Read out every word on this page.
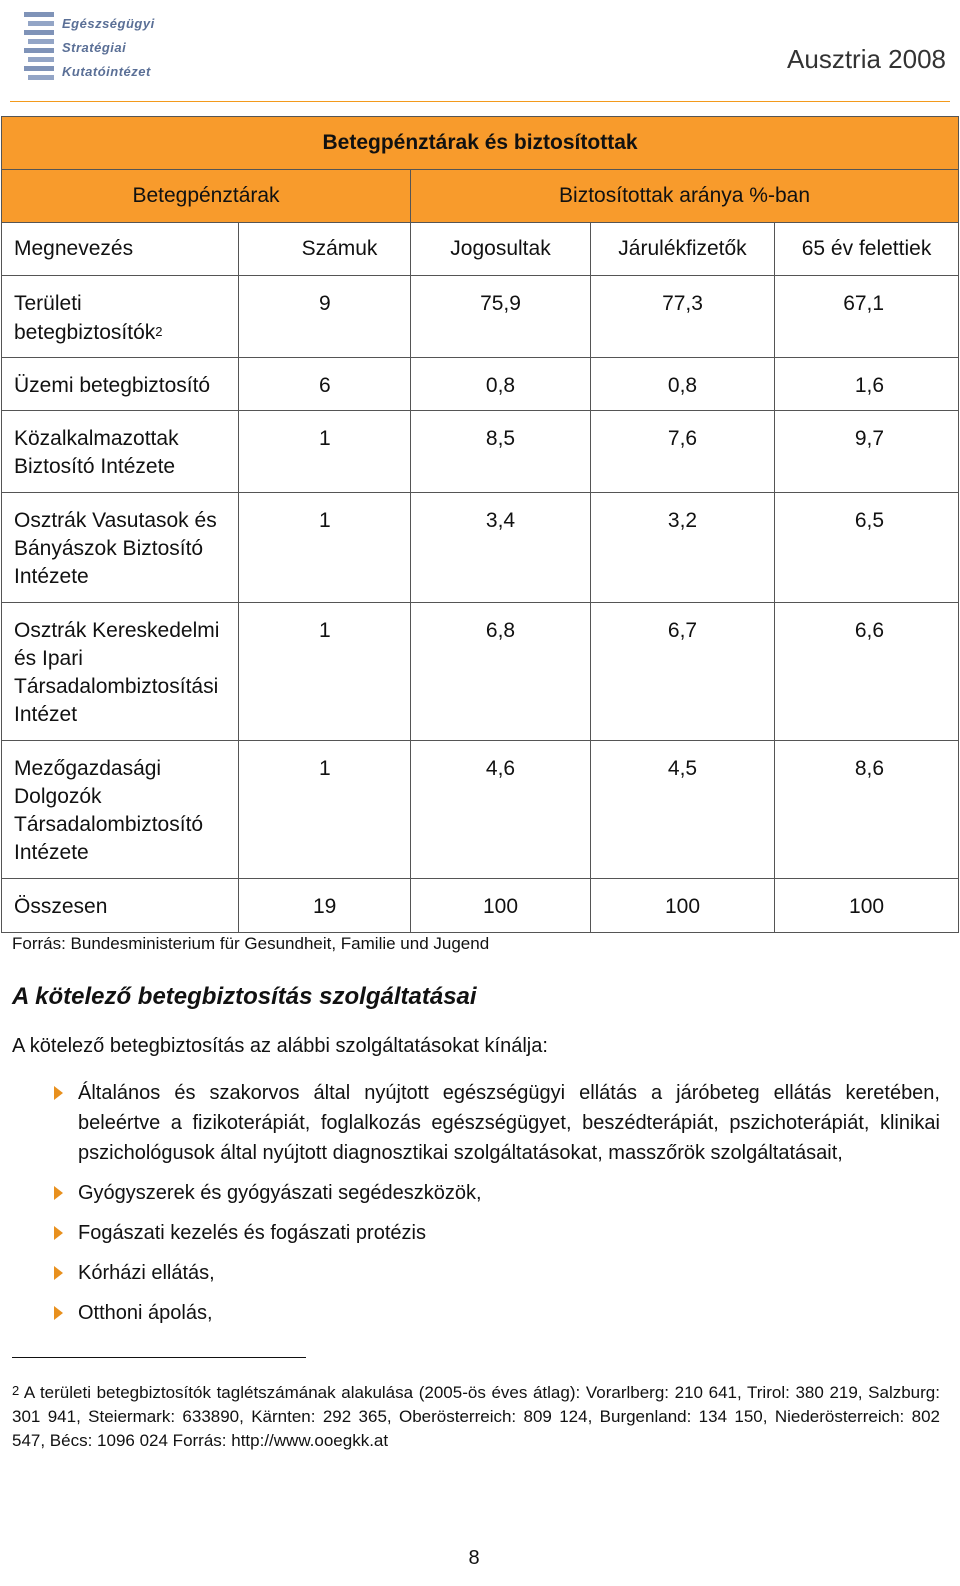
Egészségügyi
Stratégiai
Kutatóintézet	Ausztria 2008
Betegpénztárak és biztosítottak				
Betegpénztárak		Biztosítottak aránya %-ban		
Megnevezés	Számuk	Jogosultak	Járulékfizetők	65 év felettiek
Területi betegbiztosítók$^2$	9	75,9	77,3	67,1
Üzemi betegbiztosító	6	0,8	0,8	1,6
Közalkalmazottak Biztosító Intézete	1	8,5	7,6	9,7
Osztrák Vasutasok és Bányászok Biztosító Intézete	1	3,4	3,2	6,5
Osztrák Kereskedelmi és Ipari Társadalombiztosítási Intézet	1	6,8	6,7	6,6
Mezőgazdasági Dolgozók Társadalombiztosító Intézete	1	4,6	4,5	8,6
Összesen	19	100	100	100
Forrás: Bundesministerium für Gesundheit, Familie und Jugend
A kötelező betegbiztosítás szolgáltatásai
A kötelező betegbiztosítás az alábbi szolgáltatásokat kínálja:
Általános és szakorvos által nyújtott egészségügyi ellátás a járóbeteg ellátás keretében, beleértve a fizikoterápiát, foglalkozás egészségügyet, beszédterápiát, pszichoterápiát, klinikai pszichológusok által nyújtott diagnosztikai szolgáltatásokat, masszőrök szolgáltatásait,
Gyógyszerek és gyógyászati segédeszközök,
Fogászati kezelés és fogászati protézis
Kórházi ellátás,
Otthoni ápolás,
$^2$ A területi betegbiztosítók taglétszámának alakulása (2005-ös éves átlag): Vorarlberg: 210 641, Trirol: 380 219, Salzburg: 301 941, Steiermark: 633890, Kärnten: 292 365, Oberösterreich: 809 124, Burgenland: 134 150, Niederösterreich: 802 547, Bécs: 1096 024 Forrás: http://www.ooegkk.at
8
